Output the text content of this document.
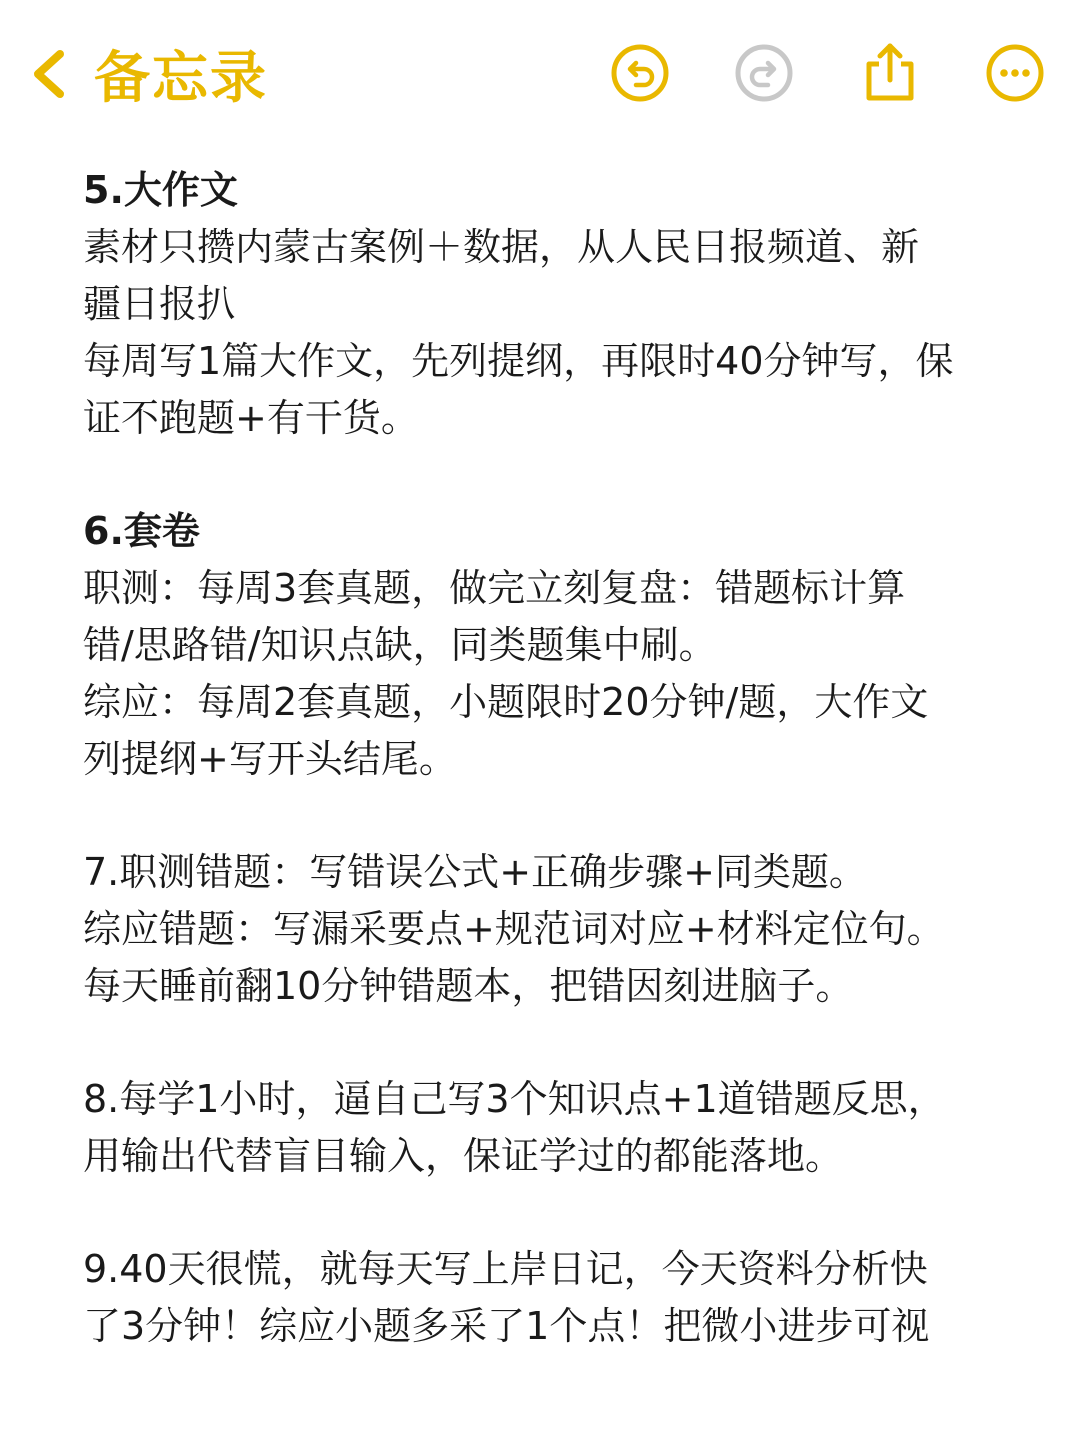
备忘录

5.大作文

素材只攒内蒙古案例＋数据，从人民日报频道、新

疆日报扒

每周写1篇大作文，先列提纲，再限时40分钟写，保

证不跑题+有干货。

6.套卷

职测：每周3套真题，做完立刻复盘：错题标计算

错/思路错/知识点缺，同类题集中刷。

综应：每周2套真题，小题限时20分钟/题，大作文

列提纲+写开头结尾。

7.职测错题：写错误公式+正确步骤+同类题。

综应错题：写漏采要点+规范词对应+材料定位句。

每天睡前翻10分钟错题本，把错因刻进脑子。

8.每学1小时，逼自己写3个知识点+1道错题反思，

用输出代替盲目输入，保证学过的都能落地。

9.40天很慌，就每天写上岸日记，今天资料分析快

了3分钟！综应小题多采了1个点！把微小进步可视
